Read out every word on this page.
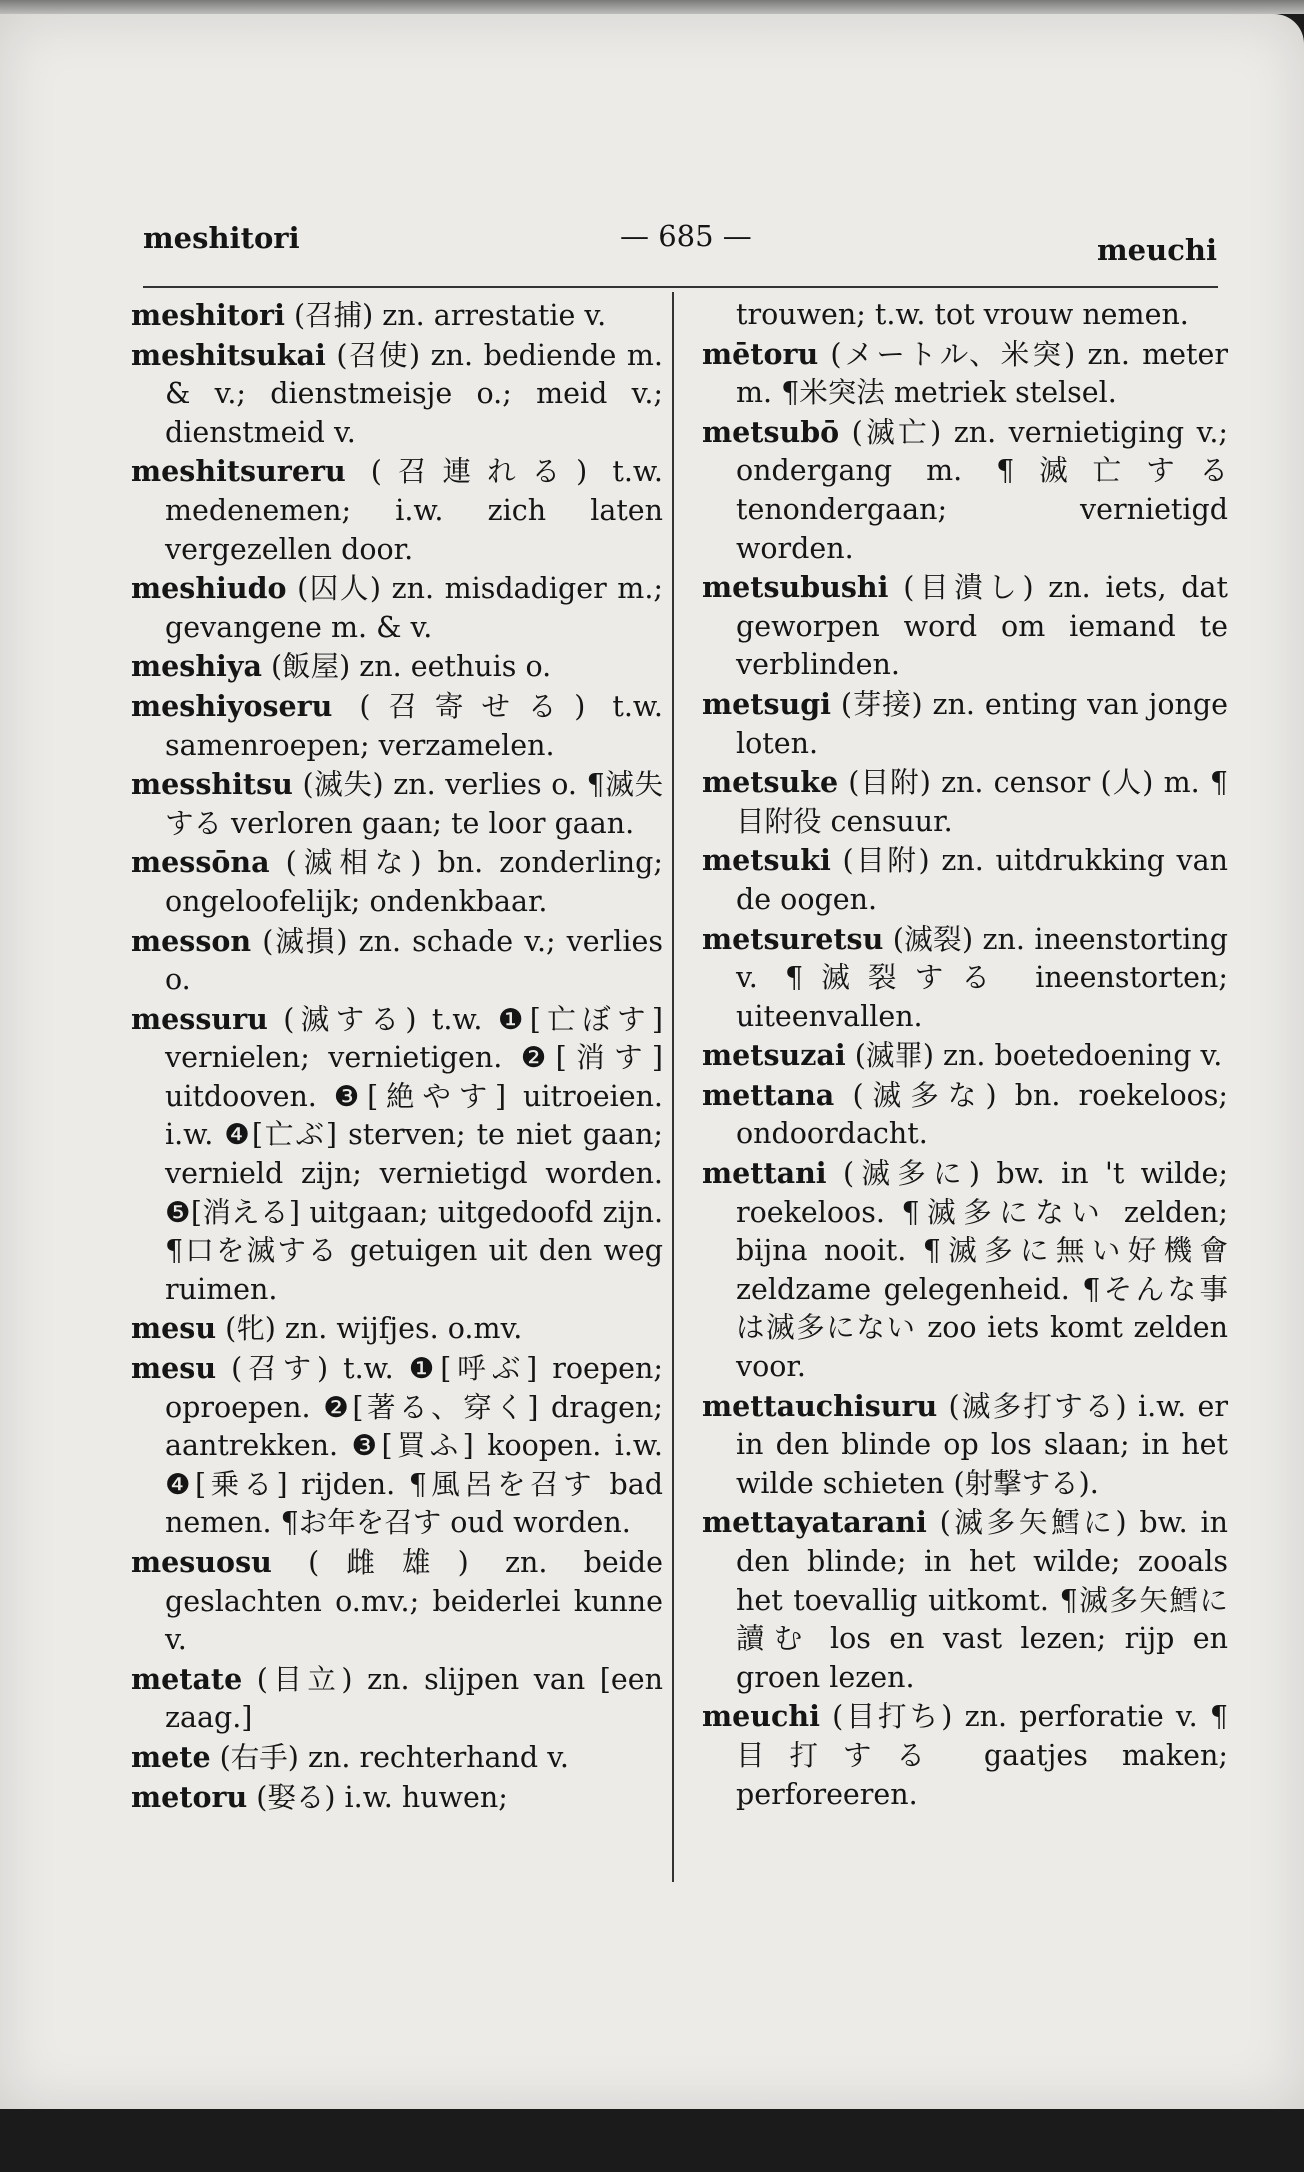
meshitori	— 685 —	meuchi

meshitori (召捕) zn. arrestatie v.

meshitsukai (召使) zn. bediende m. & v.; dienstmeisje o.; meid v.; dienstmeid v.

meshitsureru (召連れる) t.w. medenemen; i.w. zich laten vergezellen door.

meshiudo (囚人) zn. misdadiger m.; gevangene m. & v.

meshiya (飯屋) zn. eethuis o.

meshiyoseru (召寄せる) t.w. samenroepen; verzamelen.

messhitsu (滅失) zn. verlies o. ¶滅失する verloren gaan; te loor gaan.

messōna (滅相な) bn. zonderling; ongeloofelijk; ondenkbaar.

messon (滅損) zn. schade v.; verlies o.

messuru (滅する) t.w. ❶[亡ぼす] vernielen; vernietigen. ❷[消す] uitdooven. ❸[絶やす] uitroeien. i.w. ❹[亡ぶ] sterven; te niet gaan; vernield zijn; vernietigd worden. ❺[消える] uitgaan; uitgedoofd zijn. ¶口を滅する getuigen uit den weg ruimen.

mesu (牝) zn. wijfjes. o.mv.

mesu (召す) t.w. ❶[呼ぶ] roepen; oproepen. ❷[著る、穿く] dragen; aantrekken. ❸[買ふ] koopen. i.w. ❹[乗る] rijden. ¶風呂を召す bad nemen. ¶お年を召す oud worden.

mesuosu (雌雄) zn. beide geslachten o.mv.; beiderlei kunne v.

metate (目立) zn. slijpen van [een zaag.]

mete (右手) zn. rechterhand v.

metoru (娶る) i.w. huwen;

trouwen; t.w. tot vrouw nemen.

mētoru (メートル、米突) zn. meter m. ¶米突法 metriek stelsel.

metsubō (滅亡) zn. vernietiging v.; ondergang m. ¶滅亡する tenondergaan; vernietigd worden.

metsubushi (目潰し) zn. iets, dat geworpen word om iemand te verblinden.

metsugi (芽接) zn. enting van jonge loten.

metsuke (目附) zn. censor (人) m. ¶目附役 censuur.

metsuki (目附) zn. uitdrukking van de oogen.

metsuretsu (滅裂) zn. ineenstorting v. ¶滅裂する ineenstorten; uiteenvallen.

metsuzai (滅罪) zn. boetedoening v.

mettana (滅多な) bn. roekeloos; ondoordacht.

mettani (滅多に) bw. in 't wilde; roekeloos. ¶滅多にない zelden; bijna nooit. ¶滅多に無い好機會 zeldzame gelegenheid. ¶そんな事は滅多にない zoo iets komt zelden voor.

mettauchisuru (滅多打する) i.w. er in den blinde op los slaan; in het wilde schieten (射撃する).

mettayatarani (滅多矢鱈に) bw. in den blinde; in het wilde; zooals het toevallig uitkomt. ¶滅多矢鱈に讀む los en vast lezen; rijp en groen lezen.

meuchi (目打ち) zn. perforatie v. ¶目打する gaatjes maken; perforeeren.
